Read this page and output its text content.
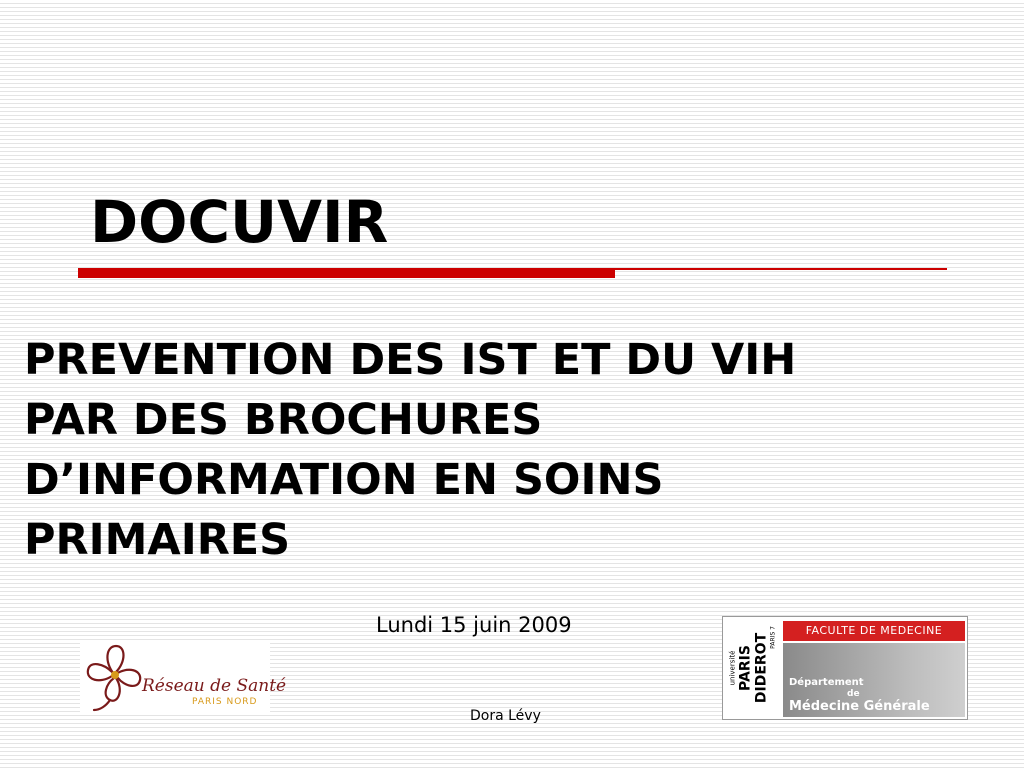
DOCUVIR
PREVENTION DES IST ET DU VIH
PAR DES BROCHURES
D’INFORMATION EN SOINS
PRIMAIRES
Lundi 15 juin 2009
Dora Lévy
Réseau de Santé
PARIS NORD
université PARIS DIDEROT PARIS 7	FACULTE DE MEDECINE
Département
de
Médecine Générale
